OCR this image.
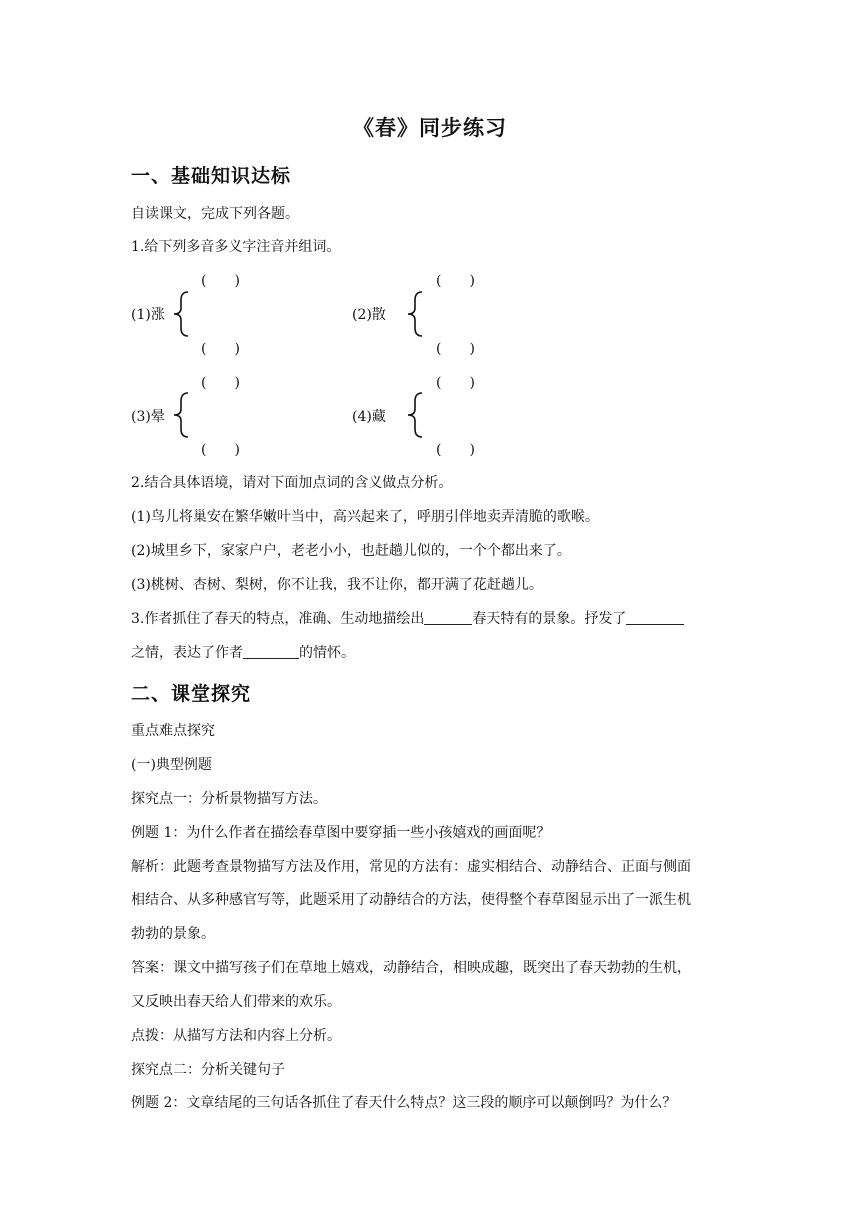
《春》同步练习
一、基础知识达标
自读课文，完成下列各题。
1.给下列多音多义字注音并组词。
(　　)
(1)涨
(　　)
(　　)
(2)散
(　　)
(　　)
(3)晕
(　　)
(　　)
(4)藏
(　　)
2.结合具体语境，请对下面加点词的含义做点分析。
(1)鸟儿将巢安在繁华嫩叶当中，高兴起来了，呼朋引伴地卖弄清脆的歌喉。
(2)城里乡下，家家户户，老老小小，也赶趟儿似的，一个个都出来了。
(3)桃树、杏树、梨树，你不让我，我不让你，都开满了花赶趟儿。
3.作者抓住了春天的特点，准确、生动地描绘出	春天特有的景象。抒发了
之情，表达了作者	的情怀。
二、课堂探究
重点难点探究
(一)典型例题
探究点一：分析景物描写方法。
例题 1：为什么作者在描绘春草图中要穿插一些小孩嬉戏的画面呢？
解析：此题考查景物描写方法及作用，常见的方法有：虚实相结合、动静结合、正面与侧面
相结合、从多种感官写等，此题采用了动静结合的方法，使得整个春草图显示出了一派生机
勃勃的景象。
答案：课文中描写孩子们在草地上嬉戏，动静结合，相映成趣，既突出了春天勃勃的生机，
又反映出春天给人们带来的欢乐。
点拨：从描写方法和内容上分析。
探究点二：分析关键句子
例题 2：文章结尾的三句话各抓住了春天什么特点？这三段的顺序可以颠倒吗？为什么？
